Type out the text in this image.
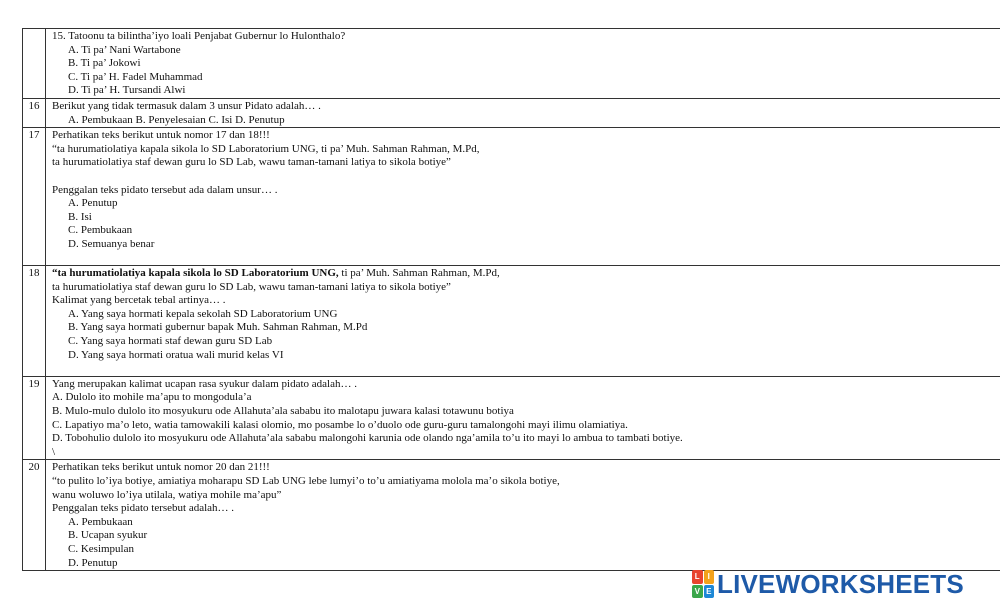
15. Tatoonu ta bilintha’iyo loali Penjabat Gubernur lo Hulonthalo?
A. Ti pa’ Nani Wartabone
B. Ti pa’ Jokowi
C. Ti pa’ H. Fadel Muhammad
D. Ti pa’ H. Tursandi Alwi
16	Berikut yang tidak termasuk dalam 3 unsur Pidato adalah… .
A. Pembukaan B. Penyelesaian C. Isi D. Penutup
17	Perhatikan teks berikut untuk nomor 17 dan 18!!!
“ta hurumatiolatiya kapala sikola lo SD Laboratorium UNG, ti pa’ Muh. Sahman Rahman, M.Pd,
ta hurumatiolatiya staf dewan guru lo SD Lab, wawu taman-tamani latiya to sikola botiye”
Penggalan teks pidato tersebut ada dalam unsur… .
A. Penutup
B. Isi
C. Pembukaan
D. Semuanya benar
18	“ta hurumatiolatiya kapala sikola lo SD Laboratorium UNG, ti pa’ Muh. Sahman Rahman, M.Pd,
ta hurumatiolatiya staf dewan guru lo SD Lab, wawu taman-tamani latiya to sikola botiye”
Kalimat yang bercetak tebal artinya… .
A. Yang saya hormati kepala sekolah SD Laboratorium UNG
B. Yang saya hormati gubernur bapak Muh. Sahman Rahman, M.Pd
C. Yang saya hormati staf dewan guru SD Lab
D. Yang saya hormati oratua wali murid kelas VI
19	Yang merupakan kalimat ucapan rasa syukur dalam pidato adalah… .
A. Dulolo ito mohile ma’apu to mongodula’a
B. Mulo-mulo dulolo ito mosyukuru ode Allahuta’ala sababu ito malotapu juwara kalasi totawunu botiya
C. Lapatiyo ma’o leto, watia tamowakili kalasi olomio, mo posambe lo o’duolo ode guru-guru tamalongohi mayi ilimu olamiatiya.
D. Tobohulio dulolo ito mosyukuru ode Allahuta’ala sababu malongohi karunia ode olando nga’amila to’u ito mayi lo ambua to tambati botiye.
\
20	Perhatikan teks berikut untuk nomor 20 dan 21!!!
“to pulito lo’iya botiye, amiatiya moharapu SD Lab UNG lebe lumyi’o to’u amiatiyama molola ma’o sikola botiye,
wanu woluwo lo’iya utilala, watiya mohile ma’apu”
Penggalan teks pidato tersebut adalah… .
A. Pembukaan
B. Ucapan syukur
C. Kesimpulan
D. Penutup
L I
V E LIVEWORKSHEETS
